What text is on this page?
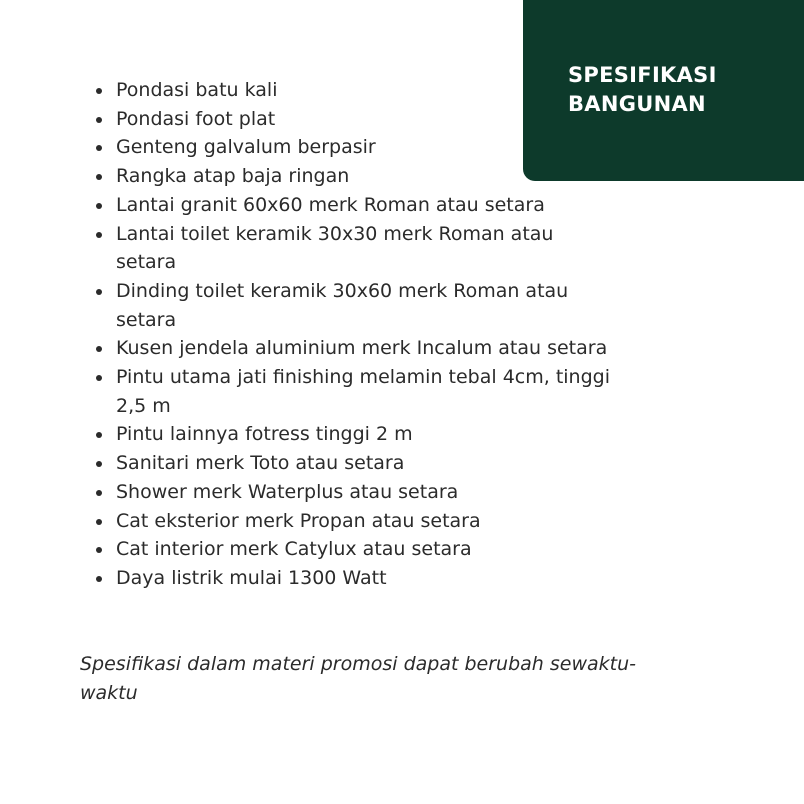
SPESIFIKASI
BANGUNAN
Pondasi batu kali
Pondasi foot plat
Genteng galvalum berpasir
Rangka atap baja ringan
Lantai granit 60x60 merk Roman atau setara
Lantai toilet keramik 30x30 merk Roman atau setara
Dinding toilet keramik 30x60 merk Roman atau setara
Kusen jendela aluminium merk Incalum atau setara
Pintu utama jati finishing melamin tebal 4cm, tinggi 2,5 m
Pintu lainnya fotress tinggi 2 m
Sanitari merk Toto atau setara
Shower merk Waterplus atau setara
Cat eksterior merk Propan atau setara
Cat interior merk Catylux atau setara
Daya listrik mulai 1300 Watt

Spesifikasi dalam materi promosi dapat berubah sewaktu-waktu
